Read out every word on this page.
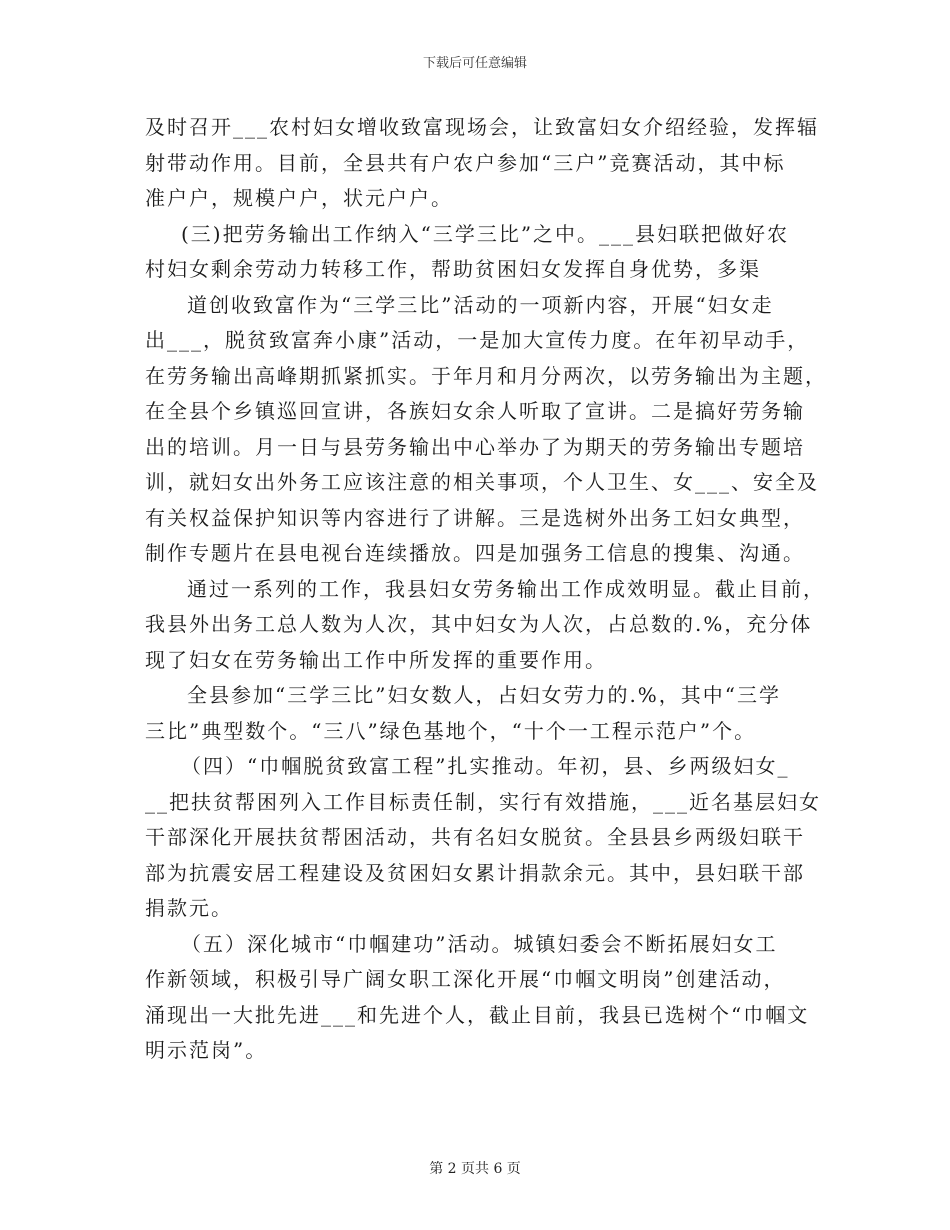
下载后可任意编辑
及时召开___农村妇女增收致富现场会，让致富妇女介绍经验，发挥辐
射带动作用。目前，全县共有户农户参加“三户”竞赛活动，其中标
准户户，规模户户，状元户户。
(三)把劳务输出工作纳入“三学三比”之中。___县妇联把做好农
村妇女剩余劳动力转移工作，帮助贫困妇女发挥自身优势，多渠
道创收致富作为“三学三比”活动的一项新内容，开展“妇女走
出___，脱贫致富奔小康”活动，一是加大宣传力度。在年初早动手，
在劳务输出高峰期抓紧抓实。于年月和月分两次，以劳务输出为主题，
在全县个乡镇巡回宣讲，各族妇女余人听取了宣讲。二是搞好劳务输
出的培训。月一日与县劳务输出中心举办了为期天的劳务输出专题培
训，就妇女出外务工应该注意的相关事项，个人卫生、女___、安全及
有关权益保护知识等内容进行了讲解。三是选树外出务工妇女典型，
制作专题片在县电视台连续播放。四是加强务工信息的搜集、沟通。
通过一系列的工作，我县妇女劳务输出工作成效明显。截止目前，
我县外出务工总人数为人次，其中妇女为人次，占总数的.%，充分体
现了妇女在劳务输出工作中所发挥的重要作用。
全县参加“三学三比”妇女数人，占妇女劳力的.%，其中“三学
三比”典型数个。“三八”绿色基地个，“十个一工程示范户”个。
（四）“巾帼脱贫致富工程”扎实推动。年初，县、乡两级妇女_
__把扶贫帮困列入工作目标责任制，实行有效措施，___近名基层妇女
干部深化开展扶贫帮困活动，共有名妇女脱贫。全县县乡两级妇联干
部为抗震安居工程建设及贫困妇女累计捐款余元。其中，县妇联干部
捐款元。
（五）深化城市“巾帼建功”活动。城镇妇委会不断拓展妇女工
作新领域，积极引导广阔女职工深化开展“巾帼文明岗”创建活动，
涌现出一大批先进___和先进个人，截止目前，我县已选树个“巾帼文
明示范岗”。
第 2 页共 6 页
